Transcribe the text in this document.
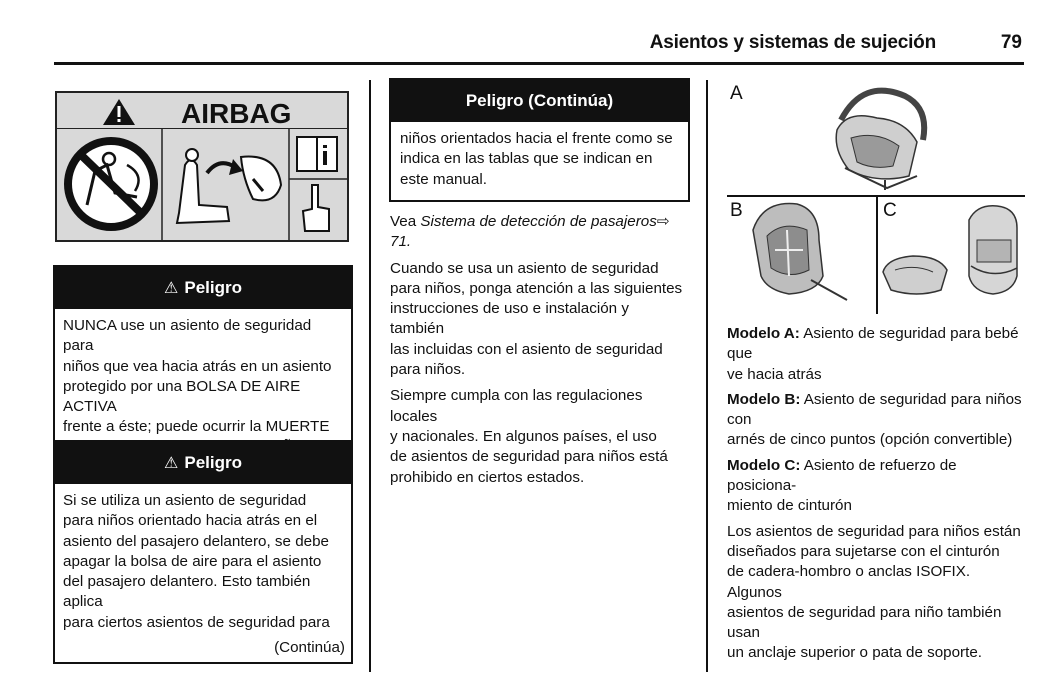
Asientos y sistemas de sujeción	79
AIRBAG
⚠ Peligro
NUNCA use un asiento de seguridad para
niños que vea hacia atrás en un asiento
protegido por una BOLSA DE AIRE ACTIVA
frente a éste; puede ocurrir la MUERTE
⚠ Peligro
Si se utiliza un asiento de seguridad
para niños orientado hacia atrás en el
asiento del pasajero delantero, se debe
apagar la bolsa de aire para el asiento
del pasajero delantero. Esto también aplica
para ciertos asientos de seguridad para
(Continúa)
Peligro (Continúa)
niños orientados hacia el frente como se
indica en las tablas que se indican en
este manual.

Vea Sistema de detección de pasajeros⇨ 71.

Cuando se usa un asiento de seguridad
para niños, ponga atención a las siguientes
instrucciones de uso e instalación y también
las incluidas con el asiento de seguridad
para niños.

Siempre cumpla con las regulaciones locales
y nacionales. En algunos países, el uso
de asientos de seguridad para niños está
prohibido en ciertos estados.

A
B	C

Modelo A: Asiento de seguridad para bebé que
ve hacia atrás

Modelo B: Asiento de seguridad para niños con
arnés de cinco puntos (opción convertible)

Modelo C: Asiento de refuerzo de posiciona-
miento de cinturón

Los asientos de seguridad para niños están
diseñados para sujetarse con el cinturón
de cadera-hombro o anclas ISOFIX. Algunos
asientos de seguridad para niño también usan
un anclaje superior o pata de soporte.
